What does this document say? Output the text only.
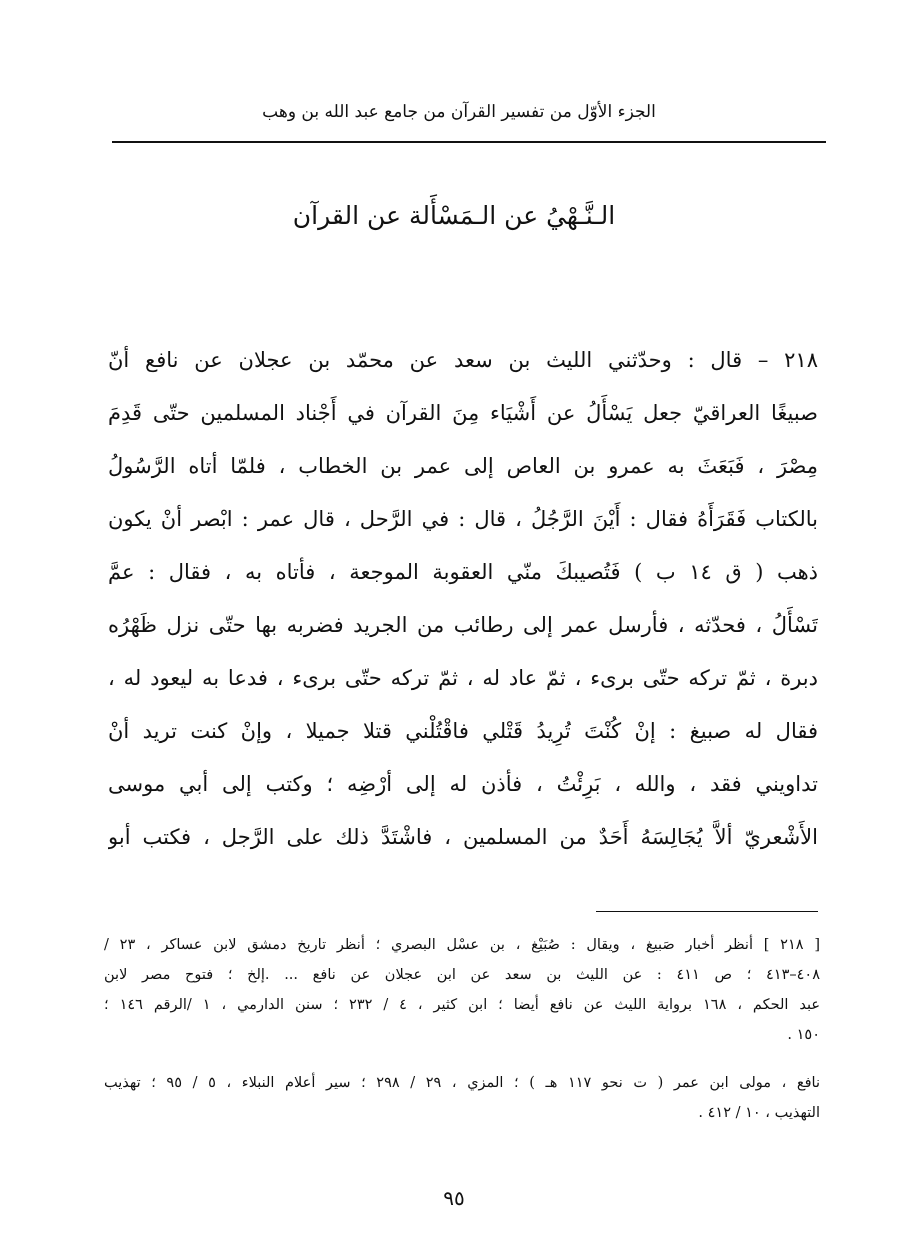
الجزء الأوّل من تفسير القرآن من جامع عبد الله بن وهب
الـنَّـهْيُ عن الـمَسْأَلة عن القرآن
٢١٨ – قال : وحدّثني الليث بن سعد عن محمّد بن عجلان عن نافع أنّ
صبيغًا العراقيّ جعل يَسْأَلُ عن أَشْيَاء مِنَ القرآن في أَجْناد المسلمين حتّى قَدِمَ
مِصْرَ ، فَبَعَثَ به عمرو بن العاص إلى عمر بن الخطاب ، فلمّا أتاه الرَّسُولُ
بالكتاب فَقَرَأَهُ فقال : أَيْنَ الرَّجُلُ ، قال : في الرَّحل ، قال عمر : ابْصر أنْ يكون
ذهب ( ق ١٤ ب ) فَتُصيبكَ منّي العقوبة الموجعة ، فأتاه به ، فقال : عمَّ
تَسْأَلُ ، فحدّثه ، فأرسل عمر إلى رطائب من الجريد فضربه بها حتّى نزل ظَهْرُه
دبرة ، ثمّ تركه حتّى برىء ، ثمّ عاد له ، ثمّ تركه حتّى برىء ، فدعا به ليعود له ،
فقال له صبيغ : إنْ كُنْتَ تُرِيدُ قَتْلي فاقْتُلْني قتلا جميلا ، وإنْ كنت تريد أنْ
تداويني فقد ، والله ، بَرِئْتُ ، فأذن له إلى أرْضِه ؛ وكتب إلى أبي موسى
الأَشْعريّ ألاَّ يُجَالِسَهُ أَحَدٌ من المسلمين ، فاشْتَدَّ ذلك على الرَّجل ، فكتب أبو
[ ٢١٨ ] أنظر أخبار صَبيغ ، ويقال : صُبَيْغ ، بن عسْل البصري ؛ أنظر تاريخ دمشق لابن عساكر ، ٢٣ /
٤٠٨–٤١٣ ؛ ص ٤١١ : عن الليث بن سعد عن ابن عجلان عن نافع ... .إلخ ؛ فتوح مصر لابن
عبد الحكم ، ١٦٨ برواية الليث عن نافع أيضا ؛ ابن كثير ، ٤ / ٢٣٢ ؛ سنن الدارمي ، ١ /الرقم ١٤٦ ؛
١٥٠ .
نافع ، مولى ابن عمر ( ت نحو ١١٧ هـ ) ؛ المزي ، ٢٩ / ٢٩٨ ؛ سير أعلام النبلاء ، ٥ / ٩٥ ؛ تهذيب
التهذيب ، ١٠ / ٤١٢ .
٩٥
